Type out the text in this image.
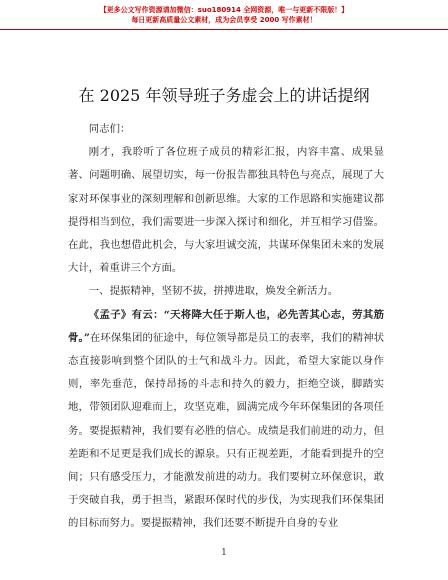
【更多公文写作资源请加微信：suo180914 全网资源，唯一与更新不限版！】
每日更新高质量公文素材，成为会员享受 2000 写作素材！
在 2025 年领导班子务虚会上的讲话提纲

同志们：

刚才，我聆听了各位班子成员的精彩汇报，内容丰富、成果显著、问题明确、展望切实，每一份报告都独具特色与亮点，展现了大家对环保事业的深刻理解和创新思维。大家的工作思路和实施建议都提得相当到位，我们需要进一步深入探讨和细化，并互相学习借鉴。在此，我也想借此机会，与大家坦诚交流，共谋环保集团未来的发展大计，着重讲三个方面。

一、提振精神，坚韧不拔，拼搏进取，焕发全新活力。

《孟子》有云：“天将降大任于斯人也，必先苦其心志，劳其筋骨。”在环保集团的征途中，每位领导都是员工的表率，我们的精神状态直接影响到整个团队的士气和战斗力。因此，希望大家能以身作则，率先垂范，保持昂扬的斗志和持久的毅力，拒绝空谈，脚踏实地，带领团队迎难而上，攻坚克难，圆满完成今年环保集团的各项任务。要提振精神，我们要有必胜的信心。成绩是我们前进的动力，但差距和不足更是我们成长的源泉。只有正视差距，才能看到提升的空间；只有感受压力，才能激发前进的动力。我们要树立环保意识，敢于突破自我，勇于担当，紧跟环保时代的步伐，为实现我们环保集团的目标而努力。要提振精神，我们还要不断提升自身的专业

1
